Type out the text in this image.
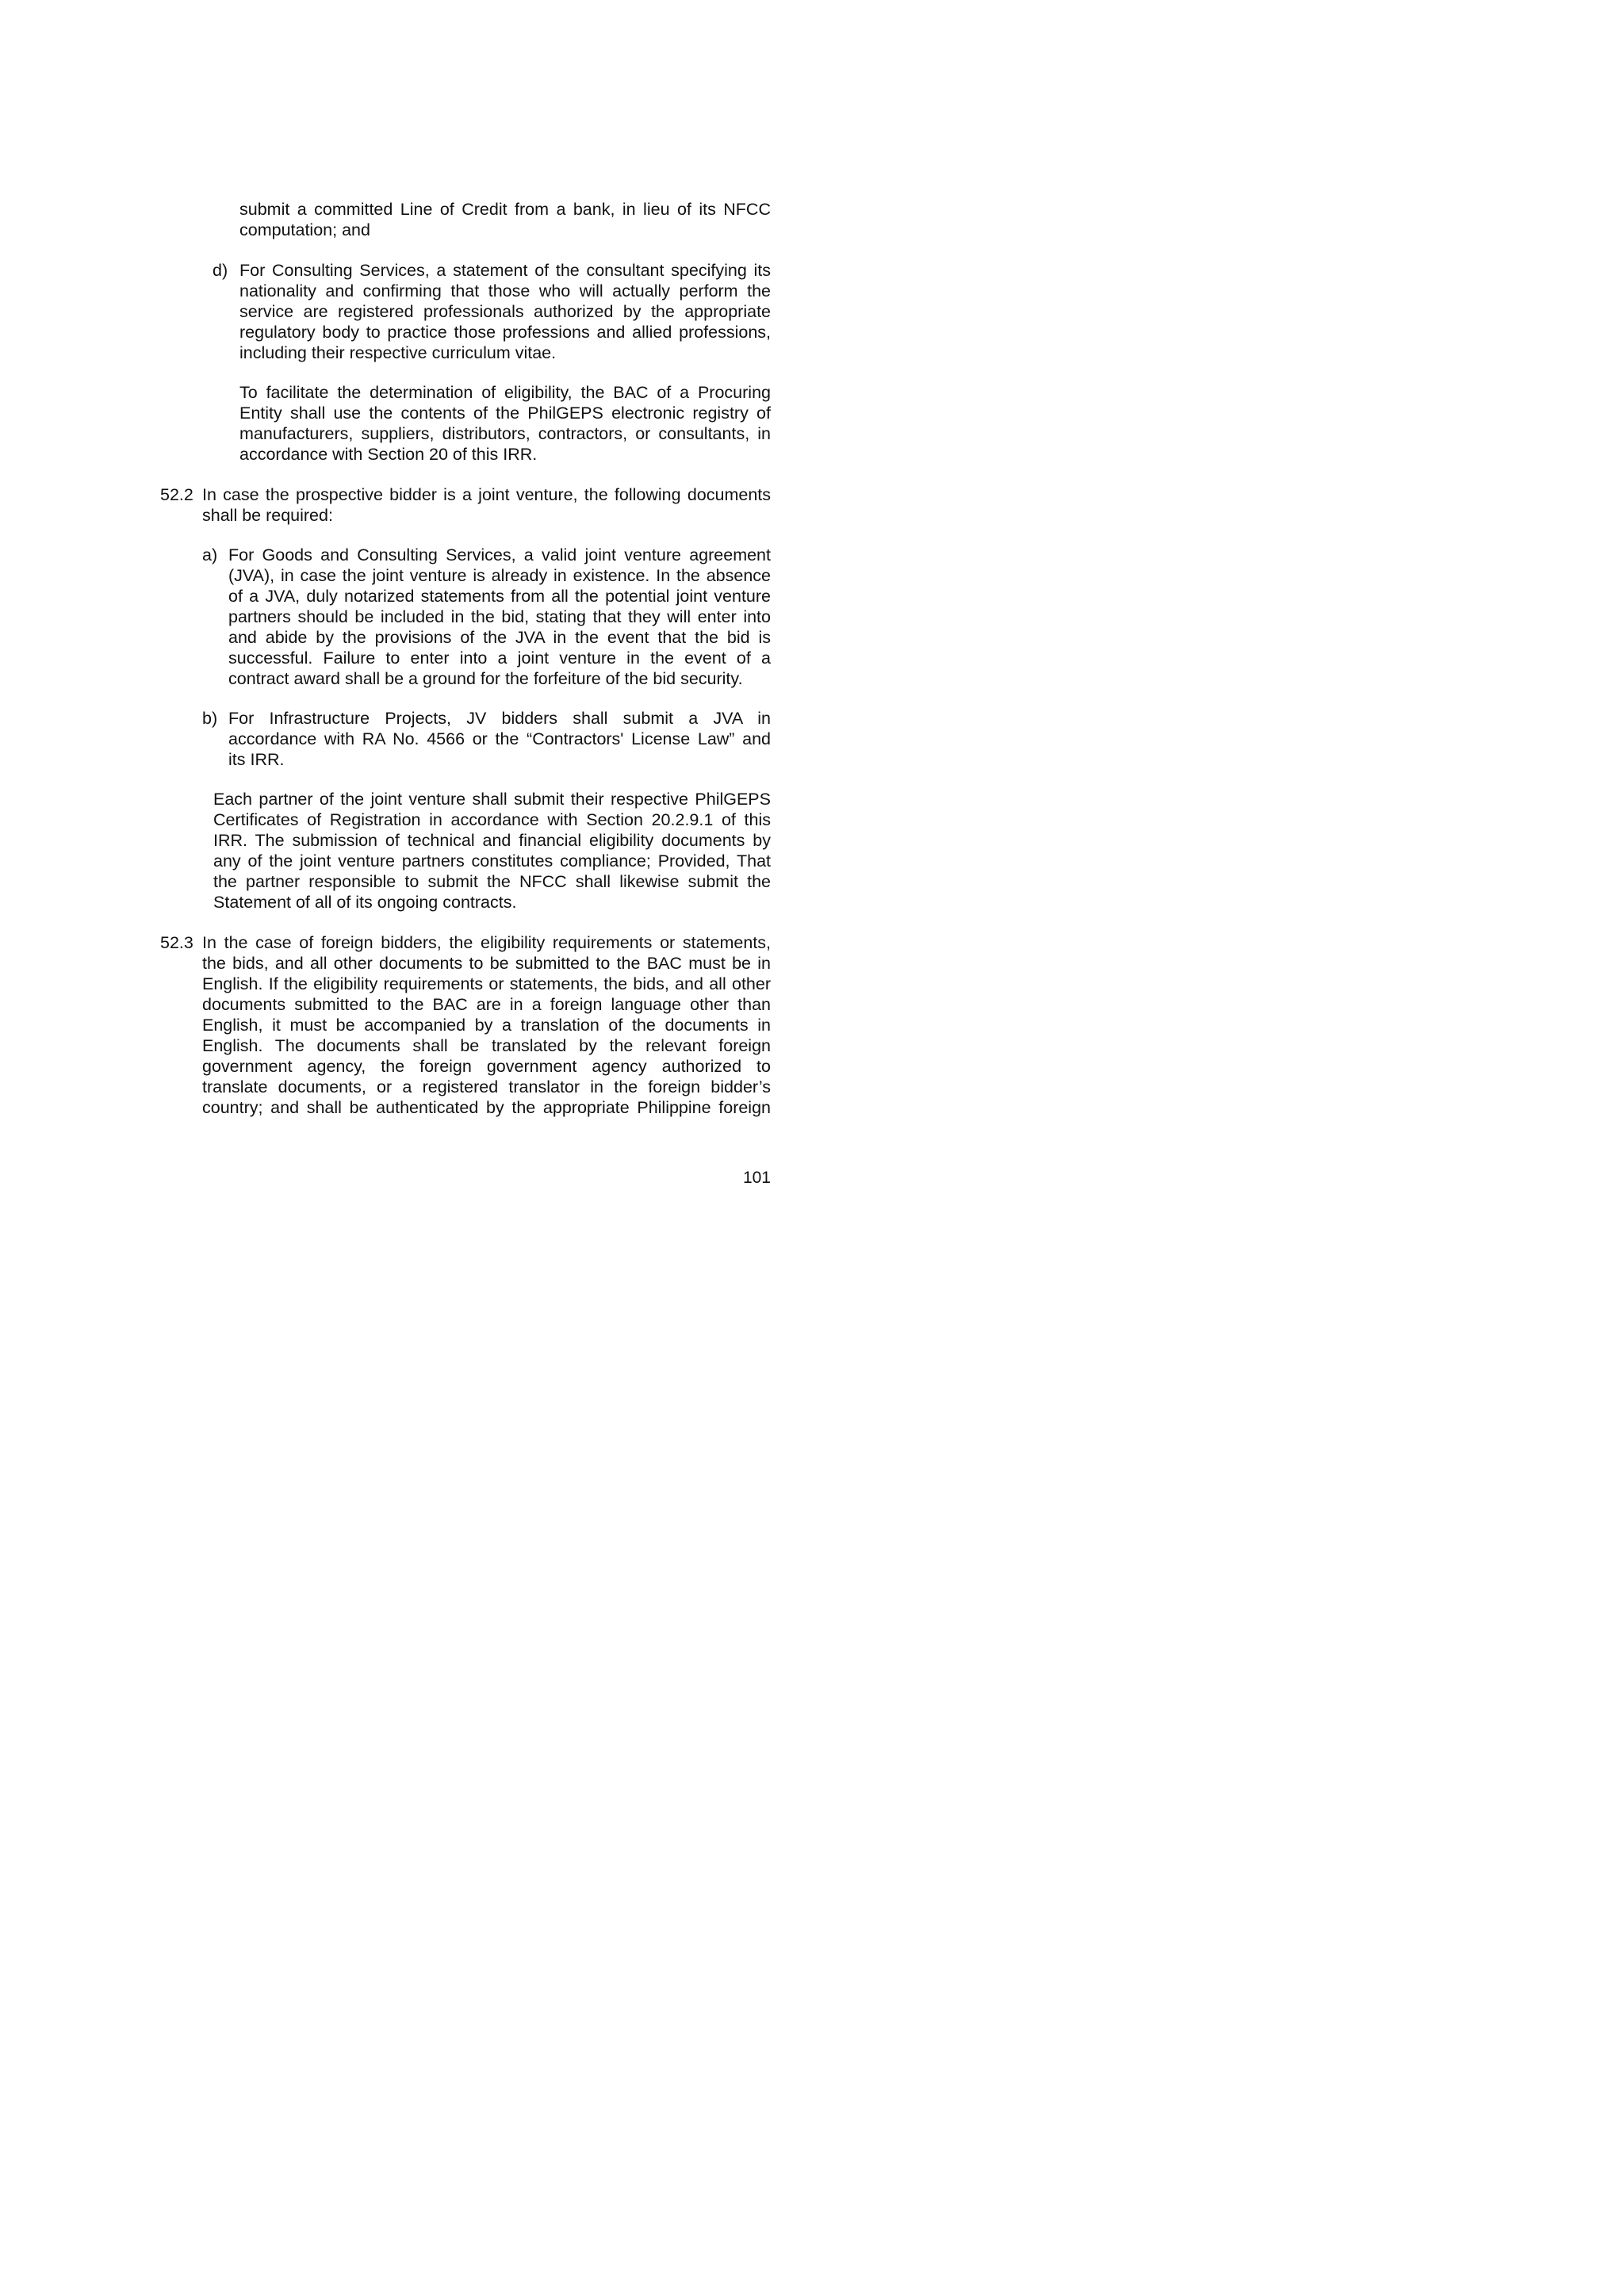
submit a committed Line of Credit from a bank, in lieu of its NFCC
computation; and
d) For Consulting Services, a statement of the consultant specifying its
nationality and confirming that those who will actually perform the
service are registered professionals authorized by the appropriate
regulatory body to practice those professions and allied professions,
including their respective curriculum vitae.
To facilitate the determination of eligibility, the BAC of a Procuring
Entity shall use the contents of the PhilGEPS electronic registry of
manufacturers, suppliers, distributors, contractors, or consultants, in
accordance with Section 20 of this IRR.
52.2 In case the prospective bidder is a joint venture, the following documents
shall be required:
a) For Goods and Consulting Services, a valid joint venture agreement
(JVA), in case the joint venture is already in existence. In the absence
of a JVA, duly notarized statements from all the potential joint venture
partners should be included in the bid, stating that they will enter into
and abide by the provisions of the JVA in the event that the bid is
successful. Failure to enter into a joint venture in the event of a
contract award shall be a ground for the forfeiture of the bid security.
b) For Infrastructure Projects, JV bidders shall submit a JVA in
accordance with RA No. 4566 or the “Contractors' License Law” and
its IRR.
Each partner of the joint venture shall submit their respective PhilGEPS
Certificates of Registration in accordance with Section 20.2.9.1 of this
IRR. The submission of technical and financial eligibility documents by
any of the joint venture partners constitutes compliance; Provided, That
the partner responsible to submit the NFCC shall likewise submit the
Statement of all of its ongoing contracts.
52.3 In the case of foreign bidders, the eligibility requirements or statements,
the bids, and all other documents to be submitted to the BAC must be in
English. If the eligibility requirements or statements, the bids, and all other
documents submitted to the BAC are in a foreign language other than
English, it must be accompanied by a translation of the documents in
English. The documents shall be translated by the relevant foreign
government agency, the foreign government agency authorized to
translate documents, or a registered translator in the foreign bidder’s
country; and shall be authenticated by the appropriate Philippine foreign
101
